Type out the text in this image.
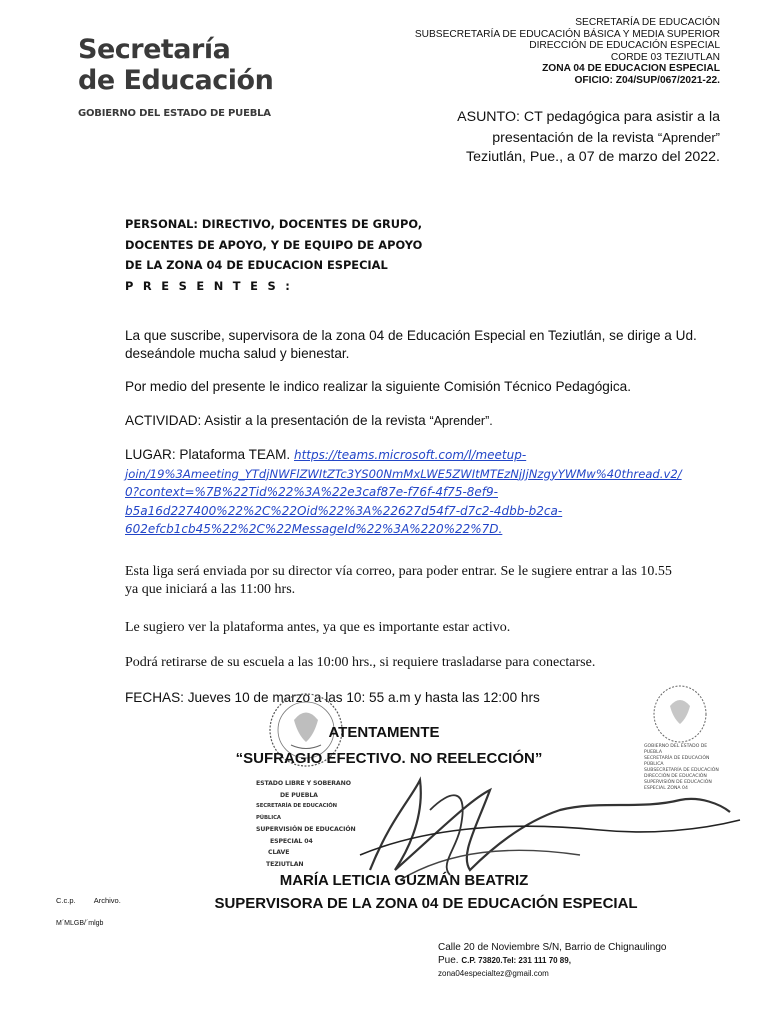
Secretaría
de Educación
GOBIERNO DEL ESTADO DE PUEBLA
SECRETARÍA DE EDUCACIÓN
SUBSECRETARÍA DE EDUCACIÓN BÁSICA Y MEDIA SUPERIOR
DIRECCIÓN DE EDUCACIÓN ESPECIAL
CORDE 03 TEZIUTLAN
ZONA 04 DE EDUCACION ESPECIAL
OFICIO: Z04/SUP/067/2021-22.
ASUNTO: CT pedagógica para asistir a la
presentación de la revista “Aprender”
Teziutlán, Pue., a 07 de marzo del 2022.
PERSONAL: DIRECTIVO, DOCENTES DE GRUPO,
DOCENTES DE APOYO, Y DE EQUIPO DE APOYO
DE LA ZONA 04 DE EDUCACION ESPECIAL
P R E S E N T E S :
La que suscribe, supervisora de la zona 04 de Educación Especial en Teziutlán, se dirige a Ud. deseándole mucha salud y bienestar.
Por medio del presente le indico realizar la siguiente Comisión Técnico Pedagógica.
ACTIVIDAD: Asistir a la presentación de la revista “Aprender”.
LUGAR: Plataforma TEAM. https://teams.microsoft.com/l/meetup-
join/19%3Ameeting_YTdjNWFlZWItZTc3YS00NmMxLWE5ZWItMTEzNjJjNzgyYWMw%40thread.v2/
0?context=%7B%22Tid%22%3A%22e3caf87e-f76f-4f75-8ef9-
b5a16d227400%22%2C%22Oid%22%3A%22627d54f7-d7c2-4dbb-b2ca-
602efcb1cb45%22%2C%22MessageId%22%3A%220%22%7D.
Esta liga será enviada por su director vía correo, para poder entrar. Se le sugiere entrar a las 10.55
ya que iniciará a las 11:00 hrs.
Le sugiero ver la plataforma antes, ya que es importante estar activo.
Podrá retirarse de su escuela a las 10:00 hrs., si requiere trasladarse para conectarse.
FECHAS: Jueves 10 de marzo a las 10: 55 a.m y hasta las 12:00 hrs
ESTADO LIBRE Y SOBERANO
DE PUEBLA
SECRETARÍA DE EDUCACIÓN PÚBLICA
SUPERVISIÓN DE EDUCACIÓN
ESPECIAL 04
CLAVE
TEZIUTLAN
GOBIERNO DEL ESTADO DE PUEBLA
SECRETARÍA DE EDUCACIÓN PÚBLICA
SUBSECRETARÍA DE EDUCACIÓN
DIRECCIÓN DE EDUCACIÓN
SUPERVISIÓN DE EDUCACIÓN
ESPECIAL ZONA 04
ATENTAMENTE
“SUFRAGIO EFECTIVO. NO REELECCIÓN”
MARÍA LETICIA GUZMÁN BEATRIZ
SUPERVISORA DE LA ZONA 04 DE EDUCACIÓN ESPECIAL
C.c.p. Archivo.
M´MLGB/´mlgb
Calle 20 de Noviembre S/N, Barrio de Chignaulingo
Pue. C.P. 73820.Tel: 231 111 70 89,
zona04especialtez@gmail.com
